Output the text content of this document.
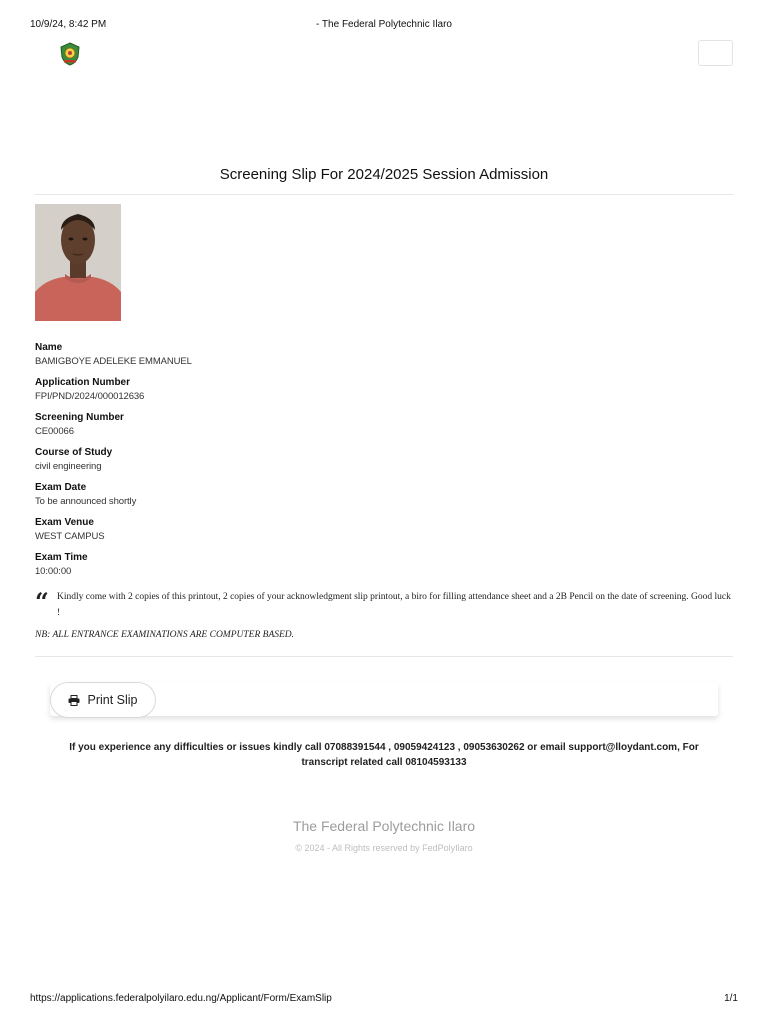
10/9/24, 8:42 PM	- The Federal Polytechnic Ilaro
Screening Slip For 2024/2025 Session Admission
Name
BAMIGBOYE ADELEKE EMMANUEL
Application Number
FPI/PND/2024/000012636
Screening Number
CE00066
Course of Study
civil engineering
Exam Date
To be announced shortly
Exam Venue
WEST CAMPUS
Exam Time
10:00:00
“ Kindly come with 2 copies of this printout, 2 copies of your acknowledgment slip printout, a biro for filling attendance sheet and a 2B Pencil on the date of screening. Good luck !
NB: ALL ENTRANCE EXAMINATIONS ARE COMPUTER BASED.
Print Slip
If you experience any difficulties or issues kindly call 07088391544 , 09059424123 , 09053630262 or email support@lloydant.com, For transcript related call 08104593133
The Federal Polytechnic Ilaro
© 2024 - All Rights reserved by FedPolyIlaro
https://applications.federalpolyilaro.edu.ng/Applicant/Form/ExamSlip	1/1
